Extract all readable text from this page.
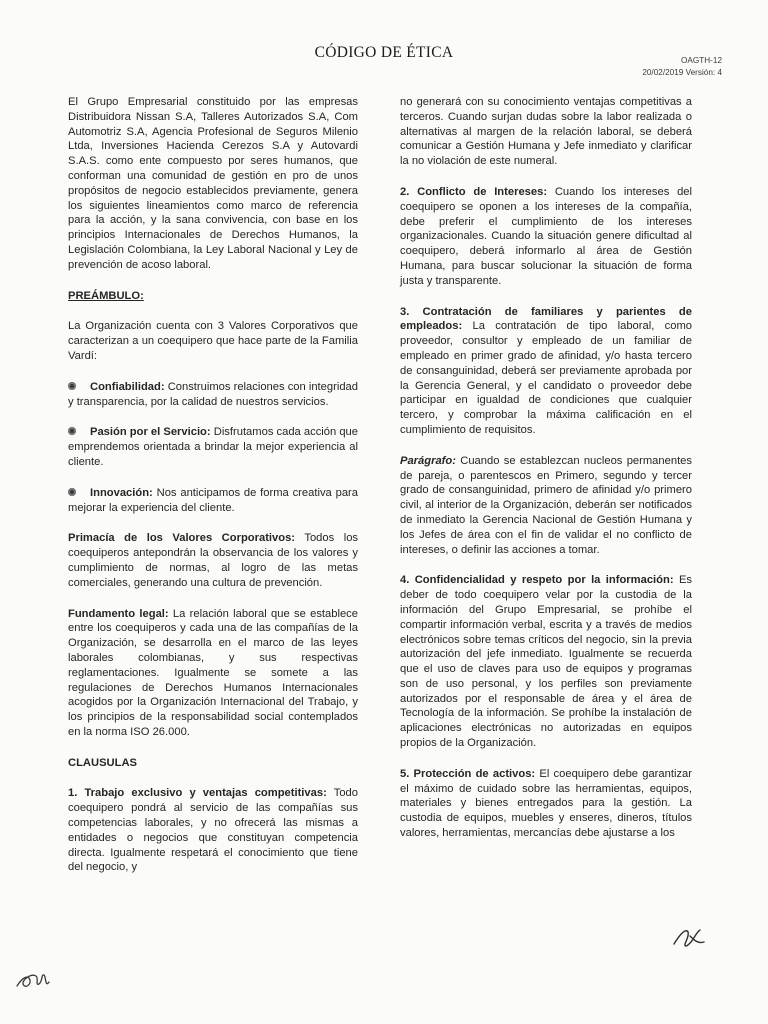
CÓDIGO DE ÉTICA	OAGTH-12
20/02/2019 Versión: 4

El Grupo Empresarial constituido por las empresas Distribuidora Nissan S.A, Talleres Autorizados S.A, Com Automotriz S.A, Agencia Profesional de Seguros Milenio Ltda, Inversiones Hacienda Cerezos S.A y Autovardi S.A.S. como ente compuesto por seres humanos, que conforman una comunidad de gestión en pro de unos propósitos de negocio establecidos previamente, genera los siguientes lineamientos como marco de referencia para la acción, y la sana convivencia, con base en los principios Internacionales de Derechos Humanos, la Legislación Colombiana, la Ley Laboral Nacional y Ley de prevención de acoso laboral.

PREÁMBULO:

La Organización cuenta con 3 Valores Corporativos que caracterizan a un coequipero que hace parte de la Familia Vardí:

Confiabilidad: Construimos relaciones con integridad y transparencia, por la calidad de nuestros servicios.

Pasión por el Servicio: Disfrutamos cada acción que emprendemos orientada a brindar la mejor experiencia al cliente.

Innovación: Nos anticipamos de forma creativa para mejorar la experiencia del cliente.

Primacía de los Valores Corporativos: Todos los coequiperos antepondrán la observancia de los valores y cumplimiento de normas, al logro de las metas comerciales, generando una cultura de prevención.

Fundamento legal: La relación laboral que se establece entre los coequiperos y cada una de las compañías de la Organización, se desarrolla en el marco de las leyes laborales colombianas, y sus respectivas reglamentaciones. Igualmente se somete a las regulaciones de Derechos Humanos Internacionales acogidos por la Organización Internacional del Trabajo, y los principios de la responsabilidad social contemplados en la norma ISO 26.000.

CLAUSULAS

1. Trabajo exclusivo y ventajas competitivas: Todo coequipero pondrá al servicio de las compañías sus competencias laborales, y no ofrecerá las mismas a entidades o negocios que constituyan competencia directa. Igualmente respetará el conocimiento que tiene del negocio, y

no generará con su conocimiento ventajas competitivas a terceros. Cuando surjan dudas sobre la labor realizada o alternativas al margen de la relación laboral, se deberá comunicar a Gestión Humana y Jefe inmediato y clarificar la no violación de este numeral.

2. Conflicto de Intereses: Cuando los intereses del coequipero se oponen a los intereses de la compañía, debe preferir el cumplimiento de los intereses organizacionales. Cuando la situación genere dificultad al coequipero, deberá informarlo al área de Gestión Humana, para buscar solucionar la situación de forma justa y transparente.

3. Contratación de familiares y parientes de empleados: La contratación de tipo laboral, como proveedor, consultor y empleado de un familiar de empleado en primer grado de afinidad, y/o hasta tercero de consanguinidad, deberá ser previamente aprobada por la Gerencia General, y el candidato o proveedor debe participar en igualdad de condiciones que cualquier tercero, y comprobar la máxima calificación en el cumplimiento de requisitos.

Parágrafo: Cuando se establezcan nucleos permanentes de pareja, o parentescos en Primero, segundo y tercer grado de consanguinidad, primero de afinidad y/o primero civil, al interior de la Organización, deberán ser notificados de inmediato la Gerencia Nacional de Gestión Humana y los Jefes de área con el fin de validar el no conflicto de intereses, o definir las acciones a tomar.

4. Confidencialidad y respeto por la información: Es deber de todo coequipero velar por la custodia de la información del Grupo Empresarial, se prohíbe el compartir información verbal, escrita y a través de medios electrónicos sobre temas críticos del negocio, sin la previa autorización del jefe inmediato. Igualmente se recuerda que el uso de claves para uso de equipos y programas son de uso personal, y los perfiles son previamente autorizados por el responsable de área y el área de Tecnología de la información. Se prohíbe la instalación de aplicaciones electrónicas no autorizadas en equipos propios de la Organización.

5. Protección de activos: El coequipero debe garantizar el máximo de cuidado sobre las herramientas, equipos, materiales y bienes entregados para la gestión. La custodia de equipos, muebles y enseres, dineros, títulos valores, herramientas, mercancías debe ajustarse a los
